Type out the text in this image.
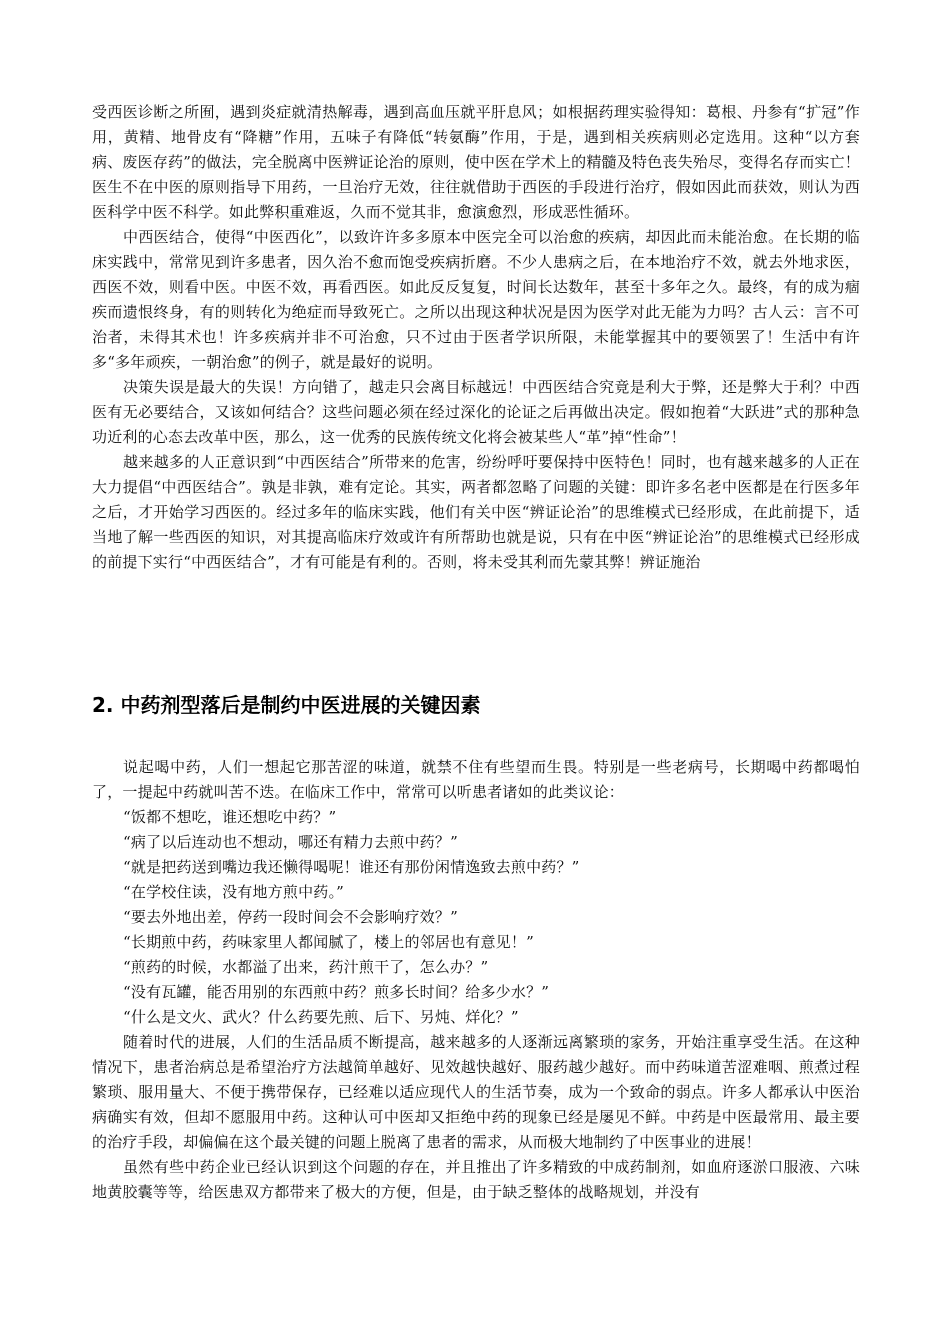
受西医诊断之所囿，遇到炎症就清热解毒，遇到高血压就平肝息风；如根据药理实验得知：葛根、丹参有“扩冠”作用，黄精、地骨皮有“降糖”作用，五味子有降低“转氨酶”作用，于是，遇到相关疾病则必定选用。这种“以方套病、废医存药”的做法，完全脱离中医辨证论治的原则，使中医在学术上的精髓及特色丧失殆尽，变得名存而实亡！医生不在中医的原则指导下用药，一旦治疗无效，往往就借助于西医的手段进行治疗，假如因此而获效，则认为西医科学中医不科学。如此弊积重难返，久而不觉其非，愈演愈烈，形成恶性循环。

中西医结合，使得“中医西化”，以致许许多多原本中医完全可以治愈的疾病，却因此而未能治愈。在长期的临床实践中，常常见到许多患者，因久治不愈而饱受疾病折磨。不少人患病之后，在本地治疗不效，就去外地求医，西医不效，则看中医。中医不效，再看西医。如此反反复复，时间长达数年，甚至十多年之久。最终，有的成为痼疾而遗恨终身，有的则转化为绝症而导致死亡。之所以出现这种状况是因为医学对此无能为力吗？古人云：言不可治者，未得其术也！许多疾病并非不可治愈，只不过由于医者学识所限，未能掌握其中的要领罢了！生活中有许多“多年顽疾，一朝治愈”的例子，就是最好的说明。

决策失误是最大的失误！方向错了，越走只会离目标越远！中西医结合究竟是利大于弊，还是弊大于利？中西医有无必要结合，又该如何结合？这些问题必须在经过深化的论证之后再做出决定。假如抱着“大跃进”式的那种急功近利的心态去改革中医，那么，这一优秀的民族传统文化将会被某些人“革”掉“性命”！

越来越多的人正意识到“中西医结合”所带来的危害，纷纷呼吁要保持中医特色！同时，也有越来越多的人正在大力提倡“中西医结合”。孰是非孰，难有定论。其实，两者都忽略了问题的关键：即许多名老中医都是在行医多年之后，才开始学习西医的。经过多年的临床实践，他们有关中医“辨证论治”的思维模式已经形成，在此前提下，适当地了解一些西医的知识，对其提高临床疗效或许有所帮助也就是说，只有在中医“辨证论治”的思维模式已经形成的前提下实行“中西医结合”，才有可能是有利的。否则，将未受其利而先蒙其弊！辨证施治

2. 中药剂型落后是制约中医进展的关键因素

说起喝中药，人们一想起它那苦涩的味道，就禁不住有些望而生畏。特别是一些老病号，长期喝中药都喝怕了，一提起中药就叫苦不迭。在临床工作中，常常可以听患者诸如的此类议论：

“饭都不想吃，谁还想吃中药？”

“病了以后连动也不想动，哪还有精力去煎中药？”

“就是把药送到嘴边我还懒得喝呢！谁还有那份闲情逸致去煎中药？”

“在学校住读，没有地方煎中药。”

“要去外地出差，停药一段时间会不会影响疗效？”

“长期煎中药，药味家里人都闻腻了，楼上的邻居也有意见！”

“煎药的时候，水都溢了出来，药汁煎干了，怎么办？”

“没有瓦罐，能否用别的东西煎中药？煎多长时间？给多少水？”

“什么是文火、武火？什么药要先煎、后下、另炖、烊化？”

随着时代的进展，人们的生活品质不断提高，越来越多的人逐渐远离繁琐的家务，开始注重享受生活。在这种情况下，患者治病总是希望治疗方法越简单越好、见效越快越好、服药越少越好。而中药味道苦涩难咽、煎煮过程繁琐、服用量大、不便于携带保存，已经难以适应现代人的生活节奏，成为一个致命的弱点。许多人都承认中医治病确实有效，但却不愿服用中药。这种认可中医却又拒绝中药的现象已经是屡见不鲜。中药是中医最常用、最主要的治疗手段，却偏偏在这个最关键的问题上脱离了患者的需求，从而极大地制约了中医事业的进展！

虽然有些中药企业已经认识到这个问题的存在，并且推出了许多精致的中成药制剂，如血府逐淤口服液、六味地黄胶囊等等，给医患双方都带来了极大的方便，但是，由于缺乏整体的战略规划，并没有
